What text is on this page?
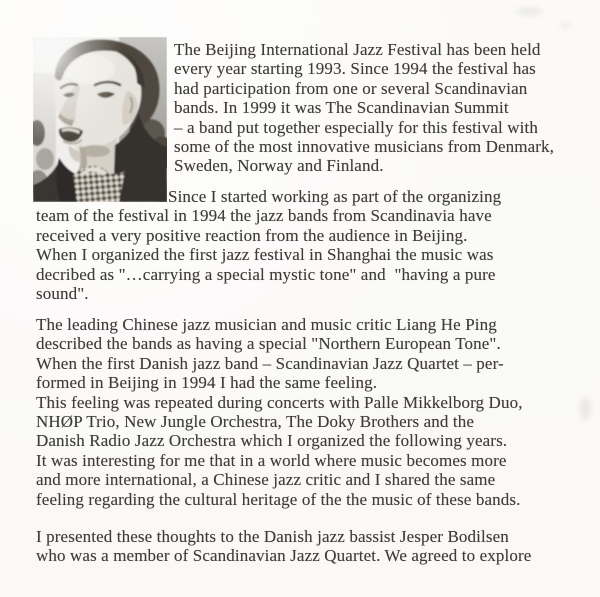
The Beijing International Jazz Festival has been held
every year starting 1993. Since 1994 the festival has
had participation from one or several Scandinavian
bands. In 1999 it was The Scandinavian Summit
– a band put together especially for this festival with
some of the most innovative musicians from Denmark,
Sweden, Norway and Finland.
Since I started working as part of the organizing
team of the festival in 1994 the jazz bands from Scandinavia have
received a very positive reaction from the audience in Beijing.
When I organized the first jazz festival in Shanghai the music was
decribed as "…carrying a special mystic tone" and  "having a pure
sound".
The leading Chinese jazz musician and music critic Liang He Ping
described the bands as having a special "Northern European Tone".
When the first Danish jazz band – Scandinavian Jazz Quartet – per-
formed in Beijing in 1994 I had the same feeling.
This feeling was repeated during concerts with Palle Mikkelborg Duo,
NHØP Trio, New Jungle Orchestra, The Doky Brothers and the
Danish Radio Jazz Orchestra which I organized the following years.
It was interesting for me that in a world where music becomes more
and more international, a Chinese jazz critic and I shared the same
feeling regarding the cultural heritage of the the music of these bands.
I presented these thoughts to the Danish jazz bassist Jesper Bodilsen
who was a member of Scandinavian Jazz Quartet. We agreed to explore
